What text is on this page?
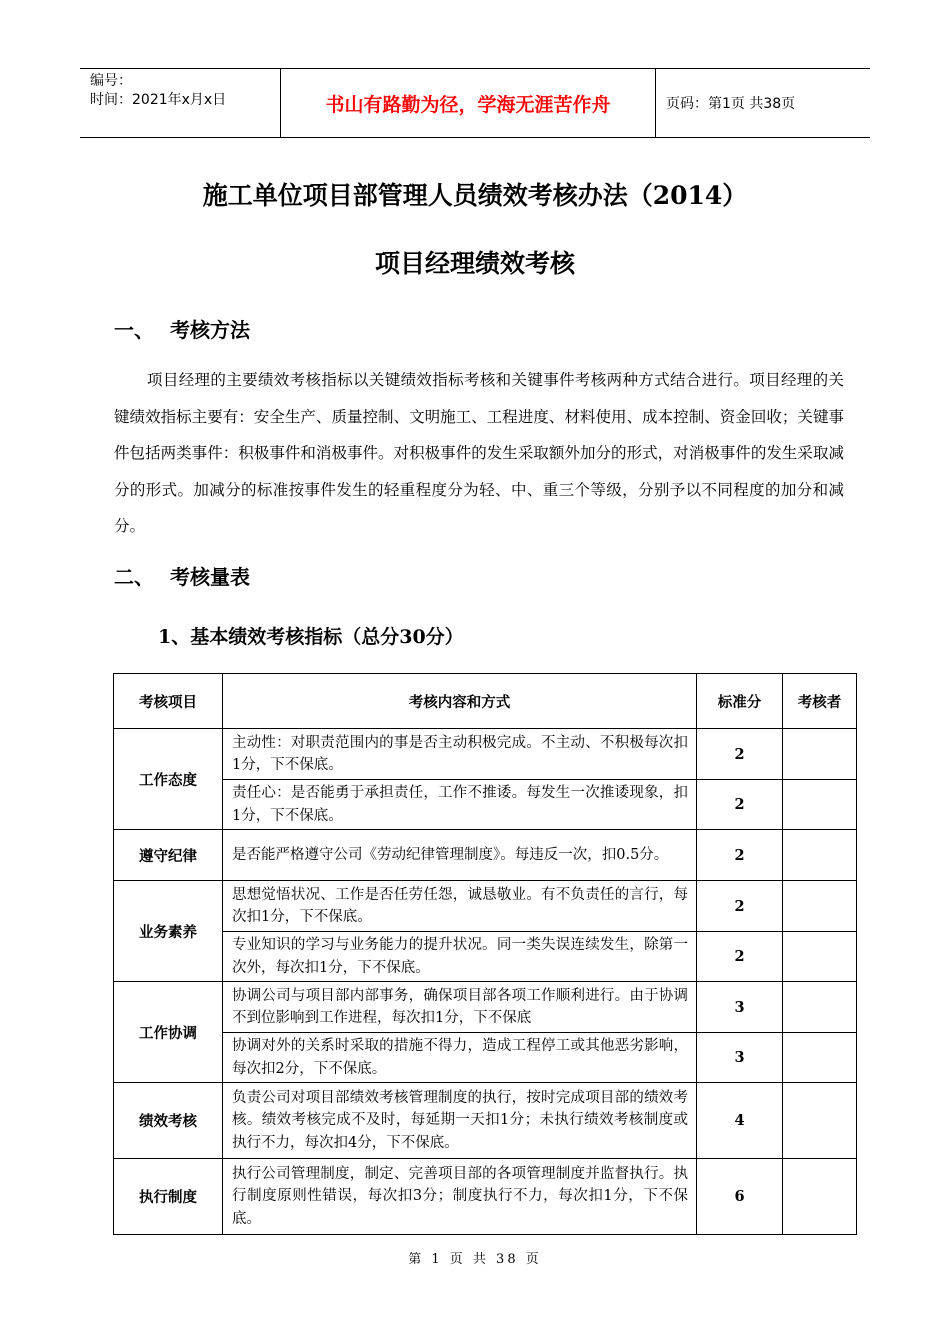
编号：
时间：2021年x月x日	书山有路勤为径，学海无涯苦作舟	页码：第1页 共38页
施工单位项目部管理人员绩效考核办法（2014）
项目经理绩效考核
一、 考核方法
项目经理的主要绩效考核指标以关键绩效指标考核和关键事件考核两种方式结合进行。项目经理的关键绩效指标主要有：安全生产、质量控制、文明施工、工程进度、材料使用、成本控制、资金回收；关键事件包括两类事件：积极事件和消极事件。对积极事件的发生采取额外加分的形式，对消极事件的发生采取减分的形式。加减分的标准按事件发生的轻重程度分为轻、中、重三个等级，分别予以不同程度的加分和减分。
二、 考核量表
1、基本绩效考核指标（总分30分）
考核项目	考核内容和方式	标准分	考核者
工作态度	主动性：对职责范围内的事是否主动积极完成。不主动、不积极每次扣1分，下不保底。	2	
	责任心：是否能勇于承担责任，工作不推诿。每发生一次推诿现象，扣1分，下不保底。	2	
遵守纪律	是否能严格遵守公司《劳动纪律管理制度》。每违反一次，扣0.5分。	2	
业务素养	思想觉悟状况、工作是否任劳任怨，诚恳敬业。有不负责任的言行，每次扣1分，下不保底。	2	
	专业知识的学习与业务能力的提升状况。同一类失误连续发生，除第一次外，每次扣1分，下不保底。	2	
工作协调	协调公司与项目部内部事务，确保项目部各项工作顺利进行。由于协调不到位影响到工作进程，每次扣1分，下不保底	3	
	协调对外的关系时采取的措施不得力，造成工程停工或其他恶劣影响，每次扣2分，下不保底。	3	
绩效考核	负责公司对项目部绩效考核管理制度的执行，按时完成项目部的绩效考核。绩效考核完成不及时，每延期一天扣1分；未执行绩效考核制度或执行不力，每次扣4分，下不保底。	4	
执行制度	执行公司管理制度，制定、完善项目部的各项管理制度并监督执行。执行制度原则性错误，每次扣3分；制度执行不力，每次扣1分，下不保底。	6	
第 1 页 共 38 页
